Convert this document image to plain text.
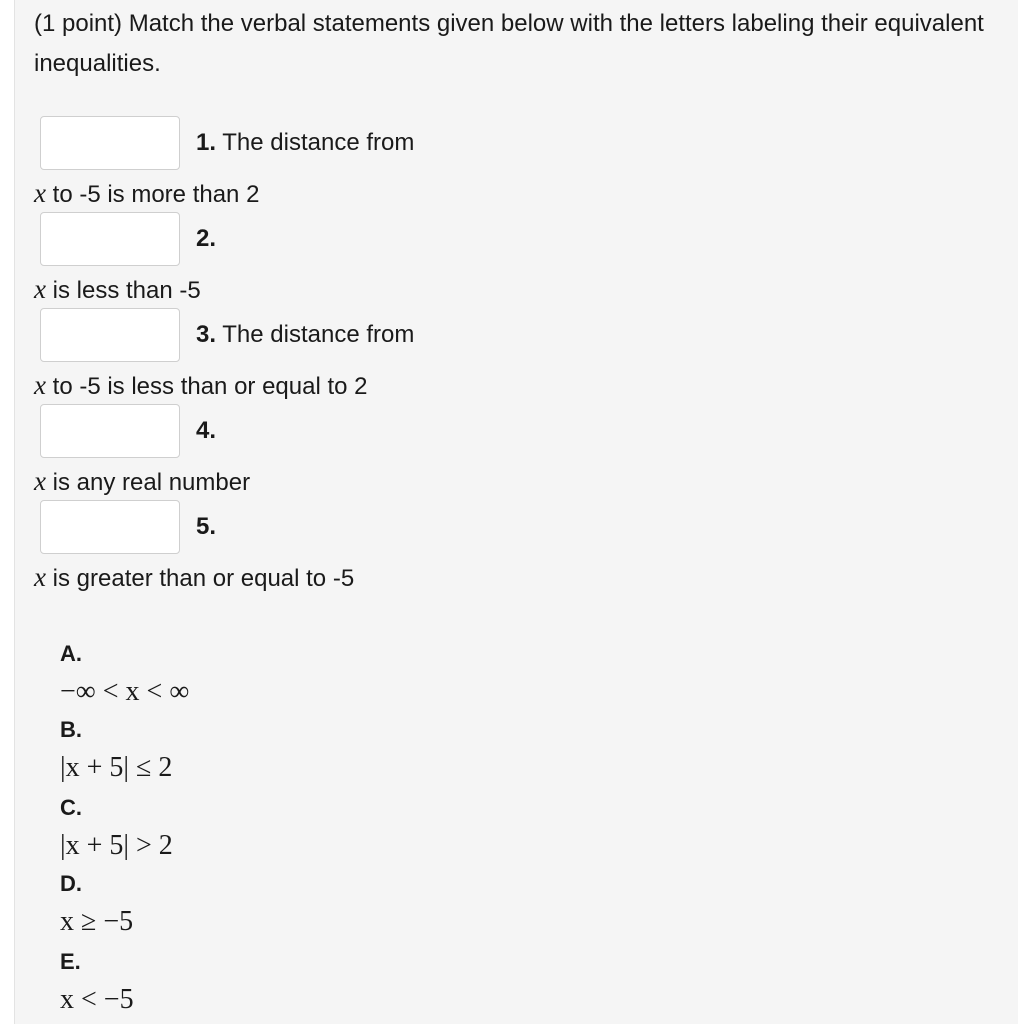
(1 point) Match the verbal statements given below with the letters labeling their equivalent inequalities.
1. The distance from
x to -5 is more than 2
2.
x is less than -5
3. The distance from
x to -5 is less than or equal to 2
4.
x is any real number
5.
x is greater than or equal to -5
A.
−∞ < x < ∞
B.
|x + 5| ≤ 2
C.
|x + 5| > 2
D.
x ≥ −5
E.
x < −5
